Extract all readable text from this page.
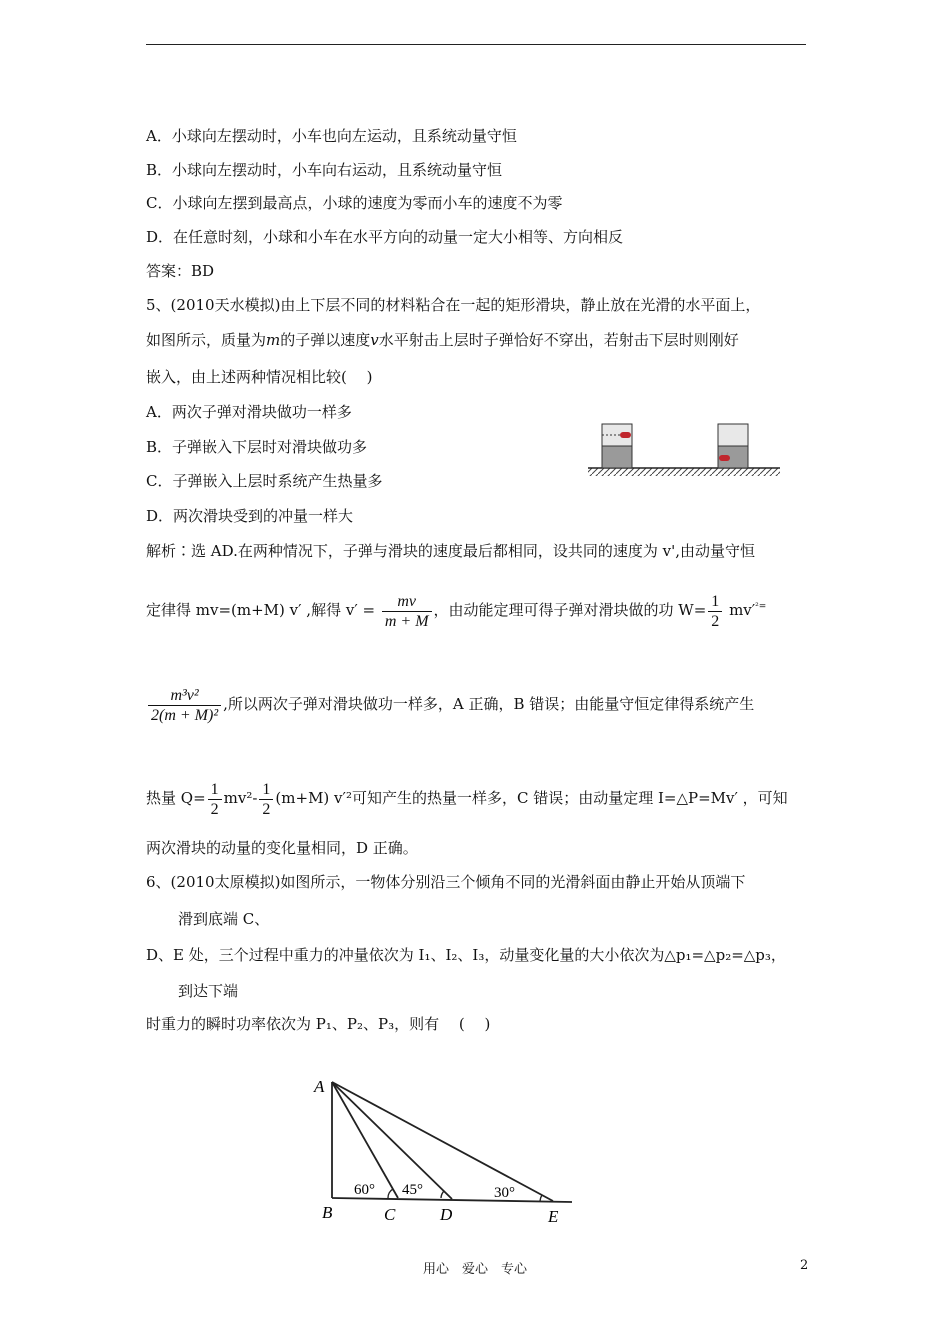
A．小球向左摆动时，小车也向左运动，且系统动量守恒
B．小球向左摆动时，小车向右运动，且系统动量守恒
C．小球向左摆到最高点，小球的速度为零而小车的速度不为零
D．在任意时刻，小球和小车在水平方向的动量一定大小相等、方向相反
答案：BD
5、(2010天水模拟)由上下层不同的材料粘合在一起的矩形滑块，静止放在光滑的水平面上，
如图所示，质量为m的子弹以速度v水平射击上层时子弹恰好不穿出，若射击下层时则刚好
嵌入，由上述两种情况相比较(　 )
A．两次子弹对滑块做功一样多
B．子弹嵌入下层时对滑块做功多
C．子弹嵌入上层时系统产生热量多
D．两次滑块受到的冲量一样大
解析∶选 AD.在两种情况下，子弹与滑块的速度最后都相同，设共同的速度为 v',由动量守恒
定律得 mv=(m+M) v′ ,解得 $v' = \frac{mv}{m + M}$ ，由动能定理可得子弹对滑块做的功 $W= \frac{1}{2} mv'^{^2=}$
$\frac{\text{m³v²}}{\text{2(m + M)²}}$ ,所以两次子弹对滑块做功一样多，A 正确，B 错误；由能量守恒定律得系统产生
热量 $Q= \frac{1}{2} mv^2- \frac{1}{2} (m+M)$ v′²可知产生的热量一样多，C 错误；由动量定理 I=△P=Mv′ ，可知
两次滑块的动量的变化量相同，D 正确。
6、(2010太原模拟)如图所示，一物体分别沿三个倾角不同的光滑斜面由静止开始从顶端下
滑到底端 C、
D、E 处，三个过程中重力的冲量依次为 I₁、I₂、I₃，动量变化量的大小依次为△p₁=△p₂=△p₃，
到达下端
时重力的瞬时功率依次为 P₁、P₂、P₃，则有　 (　 )
A
B	C	D	E
60° 45°	30°
用心　爱心　专心	2
